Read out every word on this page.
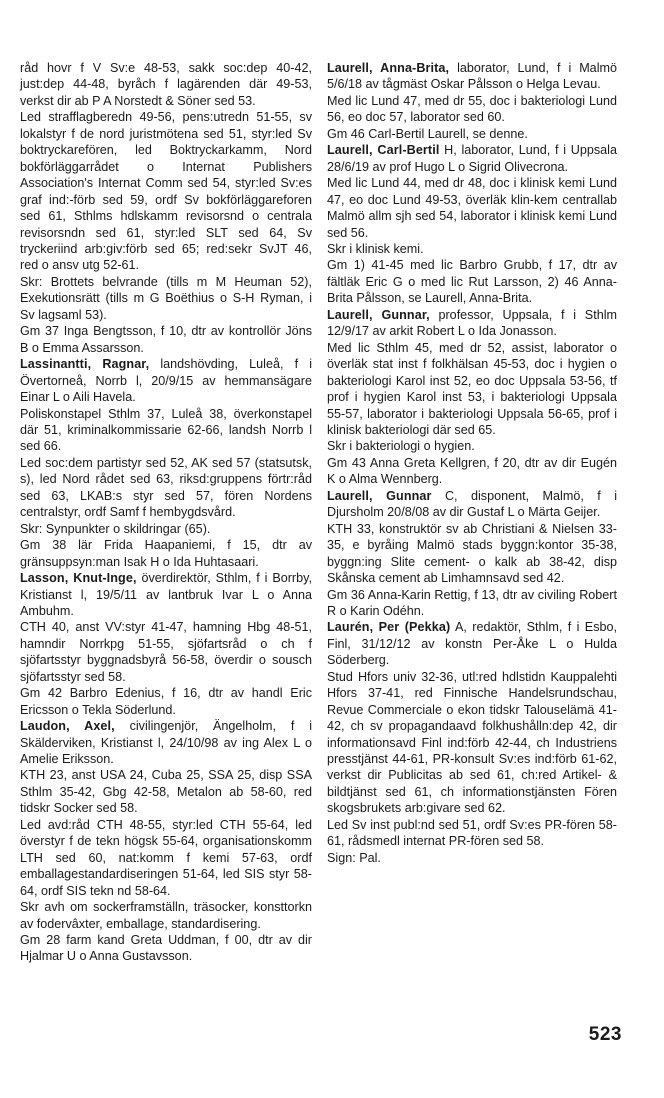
råd hovr f V Sv:e 48-53, sakk soc:dep 40-42, just:dep 44-48, byråch f lagärenden där 49-53, verkst dir ab P A Norstedt & Söner sed 53.

Led strafflagberedn 49-56, pens:utredn 51-55, sv lokalstyr f de nord juristmötena sed 51, styr:led Sv boktryckarefören, led Boktryckarkamm, Nord bokförläggarrådet o Internat Publishers Association's Internat Comm sed 54, styr:led Sv:es graf ind:-förb sed 59, ordf Sv bokförläggareforen sed 61, Sthlms hdlskamm revisorsnd o centrala revisorsndn sed 61, styr:led SLT sed 64, Sv tryckeriind arb:giv:förb sed 65; red:sekr SvJT 46, red o ansv utg 52-61.

Skr: Brottets belvrande (tills m M Heuman 52), Exekutionsrätt (tills m G Boëthius o S-H Ryman, i Sv lagsaml 53).

Gm 37 Inga Bengtsson, f 10, dtr av kontrollör Jöns B o Emma Assarsson.

Lassinantti, Ragnar, landshövding, Luleå, f i Övertorneå, Norrb l, 20/9/15 av hemmansägare Einar L o Aili Havela.

Poliskonstapel Sthlm 37, Luleå 38, överkonstapel där 51, kriminalkommissarie 62-66, landsh Norrb l sed 66.

Led soc:dem partistyr sed 52, AK sed 57 (statsutsk, s), led Nord rådet sed 63, riksd:gruppens förtr:råd sed 63, LKAB:s styr sed 57, fören Nordens centralstyr, ordf Samf f hembygdsvård.

Skr: Synpunkter o skildringar (65).

Gm 38 lär Frida Haapaniemi, f 15, dtr av gränsuppsyn:man Isak H o Ida Huhtasaari.

Lasson, Knut-Inge, överdirektör, Sthlm, f i Borrby, Kristianst l, 19/5/11 av lantbruk Ivar L o Anna Ambuhm.

CTH 40, anst VV:styr 41-47, hamning Hbg 48-51, hamndir Norrkpg 51-55, sjöfartsråd o ch f sjöfartsstyr byggnadsbyrå 56-58, överdir o sousch sjöfartsstyr sed 58.

Gm 42 Barbro Edenius, f 16, dtr av handl Eric Ericsson o Tekla Söderlund.

Laudon, Axel, civilingenjör, Ängelholm, f i Skälderviken, Kristianst l, 24/10/98 av ing Alex L o Amelie Eriksson.

KTH 23, anst USA 24, Cuba 25, SSA 25, disp SSA Sthlm 35-42, Gbg 42-58, Metalon ab 58-60, red tidskr Socker sed 58.

Led avd:råd CTH 48-55, styr:led CTH 55-64, led överstyr f de tekn högsk 55-64, organisationskomm LTH sed 60, nat:komm f kemi 57-63, ordf emballagestandardiseringen 51-64, led SIS styr 58-64, ordf SIS tekn nd 58-64.

Skr avh om sockerframställn, träsocker, konsttorkn av fodervâxter, emballage, standardisering.

Gm 28 farm kand Greta Uddman, f 00, dtr av dir Hjalmar U o Anna Gustavsson.

Laurell, Anna-Brita, laborator, Lund, f i Malmö 5/6/18 av tågmäst Oskar Pålsson o Helga Levau.

Med lic Lund 47, med dr 55, doc i bakteriologi Lund 56, eo doc 57, laborator sed 60.

Gm 46 Carl-Bertil Laurell, se denne.

Laurell, Carl-Bertil H, laborator, Lund, f i Uppsala 28/6/19 av prof Hugo L o Sigrid Olivecrona.

Med lic Lund 44, med dr 48, doc i klinisk kemi Lund 47, eo doc Lund 49-53, överläk klin-kem centrallab Malmö allm sjh sed 54, laborator i klinisk kemi Lund sed 56.

Skr i klinisk kemi.

Gm 1) 41-45 med lic Barbro Grubb, f 17, dtr av fältläk Eric G o med lic Rut Larsson, 2) 46 Anna-Brita Pålsson, se Laurell, Anna-Brita.

Laurell, Gunnar, professor, Uppsala, f i Sthlm 12/9/17 av arkit Robert L o Ida Jonasson.

Med lic Sthlm 45, med dr 52, assist, laborator o överläk stat inst f folkhälsan 45-53, doc i hygien o bakteriologi Karol inst 52, eo doc Uppsala 53-56, tf prof i hygien Karol inst 53, i bakteriologi Uppsala 55-57, laborator i bakteriologi Uppsala 56-65, prof i klinisk bakteriologi där sed 65.

Skr i bakteriologi o hygien.

Gm 43 Anna Greta Kellgren, f 20, dtr av dir Eugén K o Alma Wennberg.

Laurell, Gunnar C, disponent, Malmö, f i Djursholm 20/8/08 av dir Gustaf L o Märta Geijer.

KTH 33, konstruktör sv ab Christiani & Nielsen 33-35, e byråing Malmö stads byggn:kontor 35-38, byggn:ing Slite cement- o kalk ab 38-42, disp Skånska cement ab Limhamnsavd sed 42.

Gm 36 Anna-Karin Rettig, f 13, dtr av civiling Robert R o Karin Odéhn.

Laurén, Per (Pekka) A, redaktör, Sthlm, f i Esbo, Finl, 31/12/12 av konstn Per-Åke L o Hulda Söderberg.

Stud Hfors univ 32-36, utl:red hdlstidn Kauppalehti Hfors 37-41, red Finnische Handelsrundschau, Revue Commerciale o ekon tidskr Talouselämä 41-42, ch sv propagandaavd folkhushålln:dep 42, dir informationsavd Finl ind:förb 42-44, ch Industriens presstjänst 44-61, PR-konsult Sv:es ind:förb 61-62, verkst dir Publicitas ab sed 61, ch:red Artikel- & bildtjänst sed 61, ch informationstjänsten Fören skogsbrukets arb:givare sed 62.

Led Sv inst publ:nd sed 51, ordf Sv:es PR-fören 58-61, rådsmedl internat PR-fören sed 58.

Sign: Pal.

523
